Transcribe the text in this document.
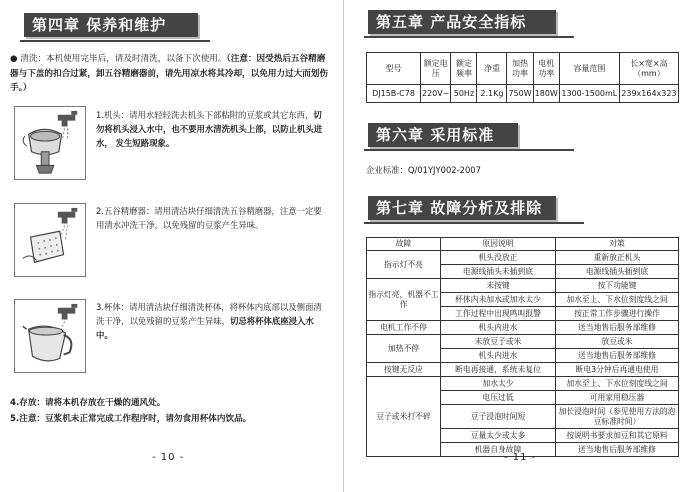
第四章 保养和维护
● 清洗：本机使用完毕后，请及时清洗，以备下次使用。（注意：因受热后五谷精磨器与下盖的扣合过紧，卸五谷精磨器前，请先用凉水将其冷却，以免用力过大而划伤手。）
1.机头：请用水轻轻洗去机头下部粘附的豆浆或其它东西，切勿将机头浸入水中，也不要用水清洗机头上部，以防止机头进水， 发生短路现象。
2.五谷精磨器：请用清洁块仔细清洗五谷精磨器，注意一定要用清水冲洗干净，以免残留的豆浆产生异味。
3.杯体：请用清洁块仔细清洗杯体，将杯体内底部以及侧面清洗干净，以免残留的豆浆产生异味，切忌将杯体底座浸入水中。
4.存放：请将本机存放在干燥的通风处。
5.注意：豆浆机未正常完成工作程序时，请勿食用杯体内饮品。
- 10 -
第五章 产品安全指标
型号	额定电压	额定频率	净重	加热功率	电机功率	容量范围	长×宽×高（mm）
DJ15B-C78	220V~	50Hz	2.1Kg	750W	180W	1300-1500mL	239x164x323
第六章 采用标准
企业标准：Q/01YJY002-2007
第七章 故障分析及排除
故障	原因说明	对策
指示灯不亮	机头没放正	重新放正机头
	电源线插头未插到底	电源线插头插到底
指示灯亮，机器不工作	未按键	按下功能键
	杯体内未加水或加水太少	加水至上、下水位刻度线之间
	工作过程中出现鸣叫报警	按正常工作步骤进行操作
电机工作不停	机头内进水	送当地售后服务部维修
加热不停	未放豆子或米	放豆或米
	机头内进水	送当地售后服务部维修
按键无反应	断电再接通，系统未复位	断电3分钟后再通电使用
豆子或米打不碎	加水太少	加水至上、下水位刻度线之间
	电压过低	可用家用稳压器
	豆子浸泡时间短	加长浸泡时间（参见使用方法的泡豆标准时间）
	豆量太少或太多	按说明书要求加豆和其它原料
	机器自身故障	送当地售后服务部维修
- 11 -
